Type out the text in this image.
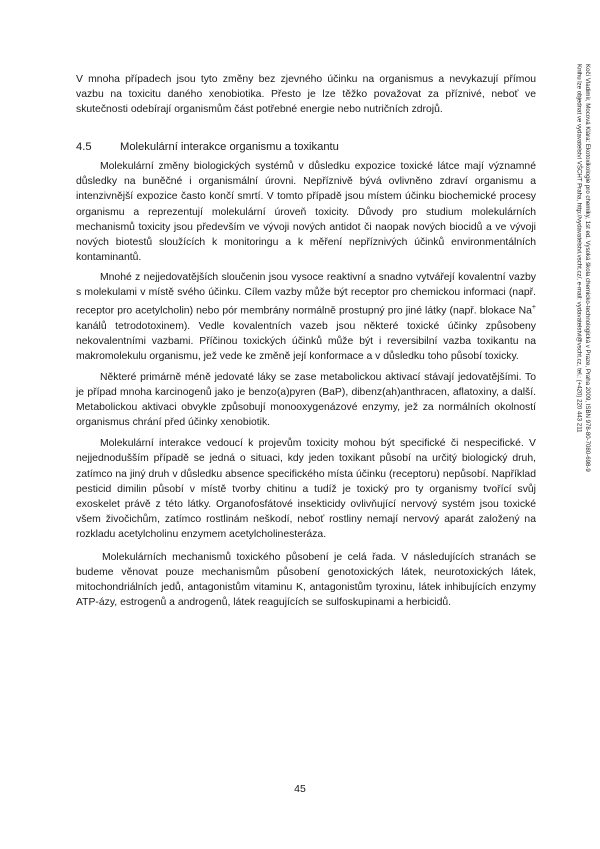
V mnoha případech jsou tyto změny bez zjevného účinku na organismus a nevykazují přímou vazbu na toxicitu daného xenobiotika. Přesto je lze těžko považovat za příznivé, neboť ve skutečnosti odebírají organismům část potřebné energie nebo nutričních zdrojů.

4.5	Molekulární interakce organismu a toxikantu

Molekulární změny biologických systémů v důsledku expozice toxické látce mají významné důsledky na buněčné i organismální úrovni. Nepříznivě bývá ovlivněno zdraví organismu a intenzivnější expozice často končí smrtí. V tomto případě jsou místem účinku biochemické procesy organismu a reprezentují molekulární úroveň toxicity. Důvody pro studium molekulárních mechanismů toxicity jsou především ve vývoji nových antidot či naopak nových biocidů a ve vývoji nových biotestů sloužících k monitoringu a k měření nepříznivých účinků environmentálních kontaminantů.

Mnohé z nejjedovatějších sloučenin jsou vysoce reaktivní a snadno vytvářejí kovalentní vazby s molekulami v místě svého účinku. Cílem vazby může být receptor pro chemickou informaci (např. receptor pro acetylcholin) nebo pór membrány normálně prostupný pro jiné látky (např. blokace Na+ kanálů tetrodotoxinem). Vedle kovalentních vazeb jsou některé toxické účinky způsobeny nekovalentními vazbami. Příčinou toxických účinků může být i reversibilní vazba toxikantu na makromolekulu organismu, jež vede ke změně její konformace a v důsledku toho působí toxicky.

Některé primárně méně jedovaté láky se zase metabolickou aktivací stávají jedovatějšími. To je případ mnoha karcinogenů jako je benzo(a)pyren (BaP), dibenz(ah)anthracen, aflatoxiny, a další. Metabolickou aktivaci obvykle způsobují monooxygenázové enzymy, jež za normálních okolností organismus chrání před účinky xenobiotik.

Molekulární interakce vedoucí k projevům toxicity mohou být specifické či nespecifické. V nejjednodušším případě se jedná o situaci, kdy jeden toxikant působí na určitý biologický druh, zatímco na jiný druh v důsledku absence specifického místa účinku (receptoru) nepůsobí. Například pesticid dimilin působí v místě tvorby chitinu a tudíž je toxický pro ty organismy tvořící svůj exoskelet právě z této látky. Organofosfátové insekticidy ovlivňující nervový systém jsou toxické všem živočichům, zatímco rostlinám neškodí, neboť rostliny nemají nervový aparát založený na rozkladu acetylcholinu enzymem acetylcholinesteráza.

Molekulárních mechanismů toxického působení je celá řada. V následujících stranách se budeme věnovat pouze mechanismům působení genotoxických látek, neurotoxických látek, mitochondriálních jedů, antagonistům vitaminu K, antagonistům tyroxinu, látek inhibujících enzymy ATP-ázy, estrogenů a androgenů, látek reagujících se sulfoskupinami a herbicidů.

45
Kočí Vladimír, Mocová Klára: Ekotoxikologie pro chemiky, 1st ed. Vysoká škola chemicko-technologická v Praze, Praha 2009, ISBN 978-80-7080-698-9
Knihu lze objednat ve vydavatelství VŠCHT Praha, http://vydavatelstvi.vscht.cz/, e-mail: vydavatelstvi@vscht.cz, tel.: (+420) 220 443 211
